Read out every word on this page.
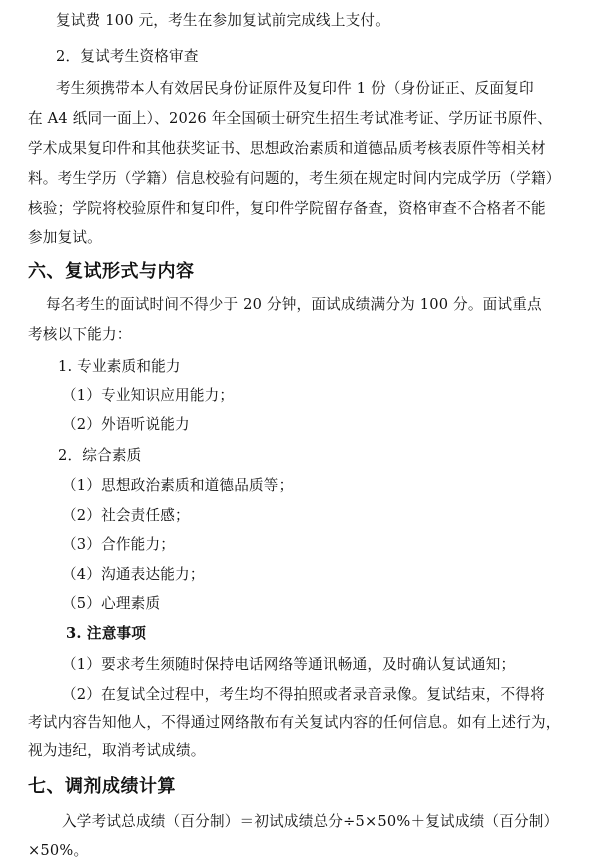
复试费 100 元，考生在参加复试前完成线上支付。
2．复试考生资格审查
考生须携带本人有效居民身份证原件及复印件 1 份（身份证正、反面复印
在 A4 纸同一面上）、2026 年全国硕士研究生招生考试准考证、学历证书原件、
学术成果复印件和其他获奖证书、思想政治素质和道德品质考核表原件等相关材
料。考生学历（学籍）信息校验有问题的，考生须在规定时间内完成学历（学籍）
核验；学院将校验原件和复印件，复印件学院留存备查，资格审查不合格者不能
参加复试。
六、复试形式与内容
每名考生的面试时间不得少于 20 分钟，面试成绩满分为 100 分。面试重点
考核以下能力：
1. 专业素质和能力
（1）专业知识应用能力；
（2）外语听说能力
2．综合素质
（1）思想政治素质和道德品质等；
（2）社会责任感；
（3）合作能力；
（4）沟通表达能力；
（5）心理素质
3. 注意事项
（1）要求考生须随时保持电话网络等通讯畅通，及时确认复试通知；
（2）在复试全过程中，考生均不得拍照或者录音录像。复试结束，不得将
考试内容告知他人，不得通过网络散布有关复试内容的任何信息。如有上述行为，
视为违纪，取消考试成绩。
七、调剂成绩计算
入学考试总成绩（百分制）＝初试成绩总分÷5×50%＋复试成绩（百分制）
×50%。
